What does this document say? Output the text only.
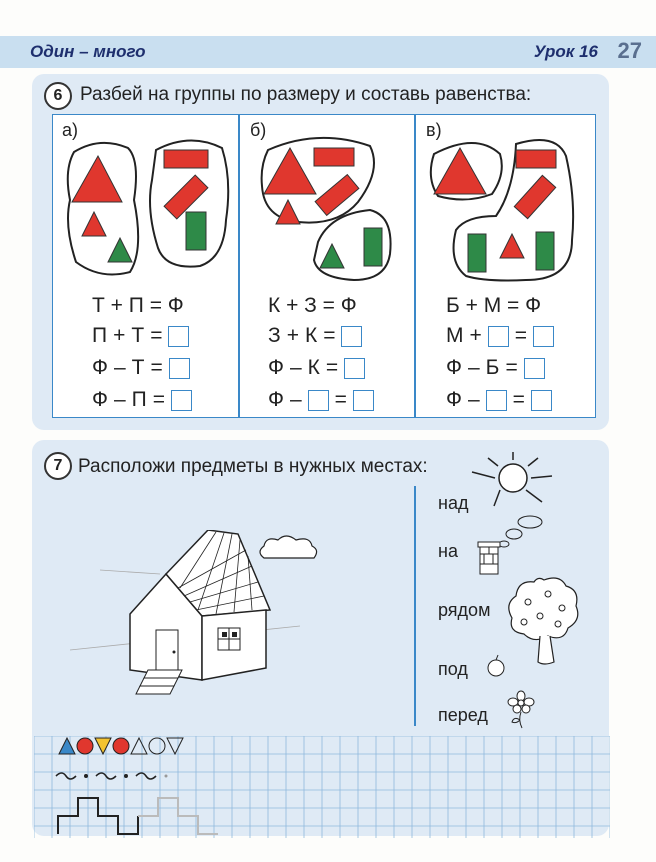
Один – много	Урок 16 27
6 Разбей на группы по размеру и составь равенства:
а)	б)	в)
Т + П = Ф
П + Т =
Ф – Т =
Ф – П =
К + З = Ф
З + К =
Ф – К =
Ф – =
Б + М = Ф
М + =
Ф – Б =
Ф – =
7 Расположи предметы в нужных местах:
над
на
рядом
под
перед
